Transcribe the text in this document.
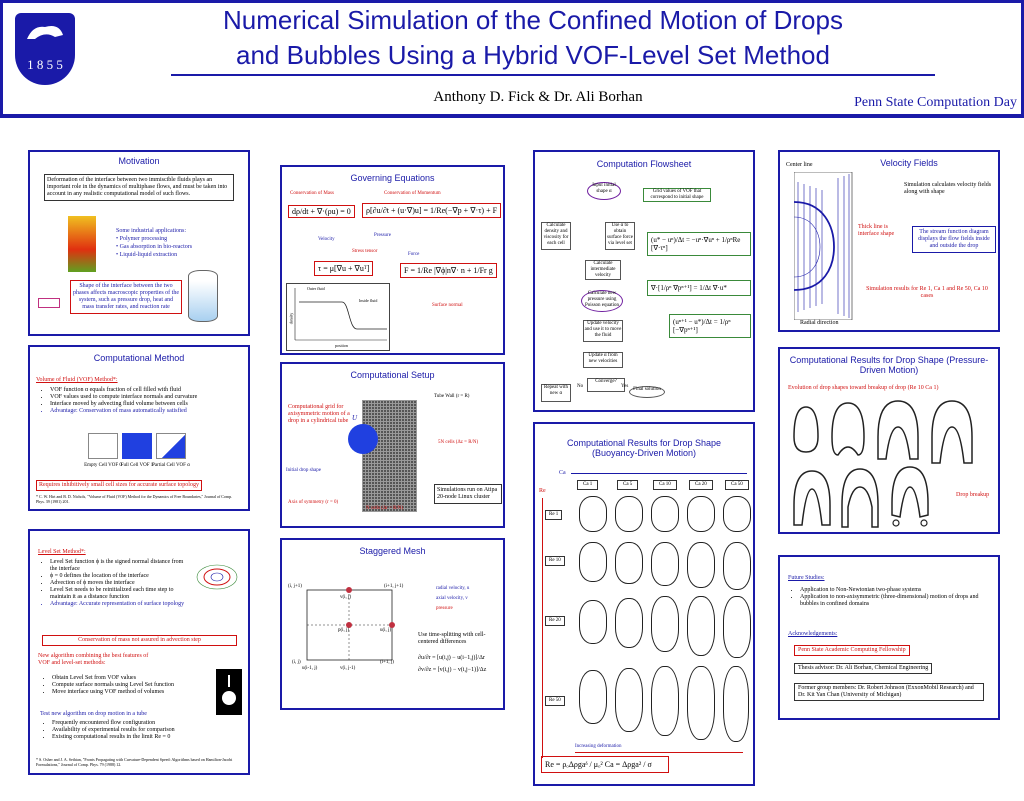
1 8 5 5
Numerical Simulation of the Confined Motion of Drops
and Bubbles Using a Hybrid VOF-Level Set Method
Anthony D. Fick & Dr. Ali Borhan	Penn State Computation Day
Motivation
Deformation of the interface between two immiscible fluids plays an important role in the dynamics of multiphase flows, and must be taken into account in any realistic computational model of such flows.
Some industrial applications:
• Polymer processing
• Gas absorption in bio-reactors
• Liquid-liquid extraction
Shape of the interface between the two phases affects macroscopic properties of the system, such as pressure drop, heat and mass transfer rates, and reaction rate
Computational Method
Volume of Fluid (VOF) Method*:
• VOF function α equals fraction of cell filled with fluid
• VOF values used to compute interface normals and curvature
• Interface moved by advecting fluid volume between cells
• Advantage: Conservation of mass automatically satisfied
Empty Cell VOF 0
Full Cell VOF 1
Partial Cell VOF α
Requires inhibitively small cell sizes for accurate surface topology
* C. W. Hirt and B. D. Nichols, "Volume of Fluid (VOF) Method for the Dynamics of Free Boundaries," Journal of Comp. Phys. 39 (1981) 201.
Level Set Method*:
• Level Set function ϕ is the signed normal distance from the interface
• ϕ = 0 defines the location of the interface
• Advection of ϕ moves the interface
• Level Set needs to be reinitialized each time step to maintain it as a distance function
• Advantage: Accurate representation of surface topology
Conservation of mass not assured in advection step
New algorithm combining the best features of VOF and level-set methods:
• Obtain Level Set from VOF values
• Compute surface normals using Level Set function
• Move interface using VOF method of volumes
Test new algorithm on drop motion in a tube
• Frequently encountered flow configuration
• Availability of experimental results for comparison
• Existing computational results in the limit Re = 0
* S. Osher and J. A. Sethian, "Fronts Propagating with Curvature-Dependent Speed: Algorithms based on Hamilton-Jacobi Formulations," Journal of Comp. Phys. 79 (1988) 12.
Governing Equations
Conservation of Mass	Conservation of Momentum
dρ/dt + ∇·(ρu) = 0	ρ[∂u/∂t + (u·∇)u] = 1/Re(−∇p + ∇·τ) + F
Pressure
Velocity
Stress tensor
Force
τ = μ[∇u + ∇uᵀ]	F = 1/Re |∇ϕ|n∇· n + 1/Fr g
Surface normal
Outer fluid
Inside fluid
density
position
Computational Setup
Tube Wall (r = R)
Computational grid for axisymmetric motion of a drop in a cylindrical tube U
5N cells (Δz = R/N)
Initial drop shape
Axis of symmetry (r = 0)
N cells (Δr = R/N)
Simulations run on Atipa 20-node Linux cluster
Staggered Mesh
(i, j+1)	(i+1, j+1)
v(i, j)
p(i, j)	u(i, j)
(i, j)	(i+1, j)
v(i, j-1)
u(i-1, j)
radial velocity, u
axial velocity, v
pressure
Use time-splitting with cell-centered differences
∂u/∂r = [u(i,j) − u(i−1,j)]/Δr
∂v/∂z = [v(i,j) − v(i,j−1)]/Δz
Computation Flowsheet
Input initial shape α	Grid values of VOF that correspond to initial shape
Calculate density and viscosity for each cell
Use α to obtain surface force via level set
Calculate intermediate velocity
Calculate new pressure using Poisson equation
Update velocity and use it to move the fluid
Update α from new velocities
Converge?
Repeat with new α
Final solution
No	Yes
(u* − uⁿ)/Δt = −uⁿ·∇uⁿ + 1/ρⁿRe [∇·τⁿ]
∇·[1/ρⁿ ∇pⁿ⁺¹] = 1/Δt ∇·u*
(uⁿ⁺¹ − u*)/Δt = 1/ρⁿ [−∇pⁿ⁺¹]
Velocity Fields
Center line
Simulation calculates velocity fields along with shape
Thick line is interface shape	The stream function diagram displays the flow fields inside and outside the drop
Simulation results for Re 1, Ca 1 and Re 50, Ca 10 cases
Radial direction
Computational Results for Drop Shape (Pressure-Driven Motion)
Evolution of drop shapes toward breakup of drop (Re 10 Ca 1)
Drop breakup
Computational Results for Drop Shape (Buoyancy-Driven Motion)
Ca
Re
Ca 1	Ca 5	Ca 10	Ca 20	Ca 50
Re 1
Re 10
Re 20
Re 50
Increasing deformation
Re = ρₒΔρgaᵟ / μₒ² Ca = Δρga² / σ
Future Studies:
• Application to Non-Newtonian two-phase systems
• Application to non-axisymmetric (three-dimensional) motion of drops and bubbles in confined domains
Acknowledgements:
Penn State Academic Computing Fellowship
Thesis advisor: Dr. Ali Borhan, Chemical Engineering
Former group members: Dr. Robert Johnson (ExxonMobil Research) and Dr. Kit Yan Chan (University of Michigan)
